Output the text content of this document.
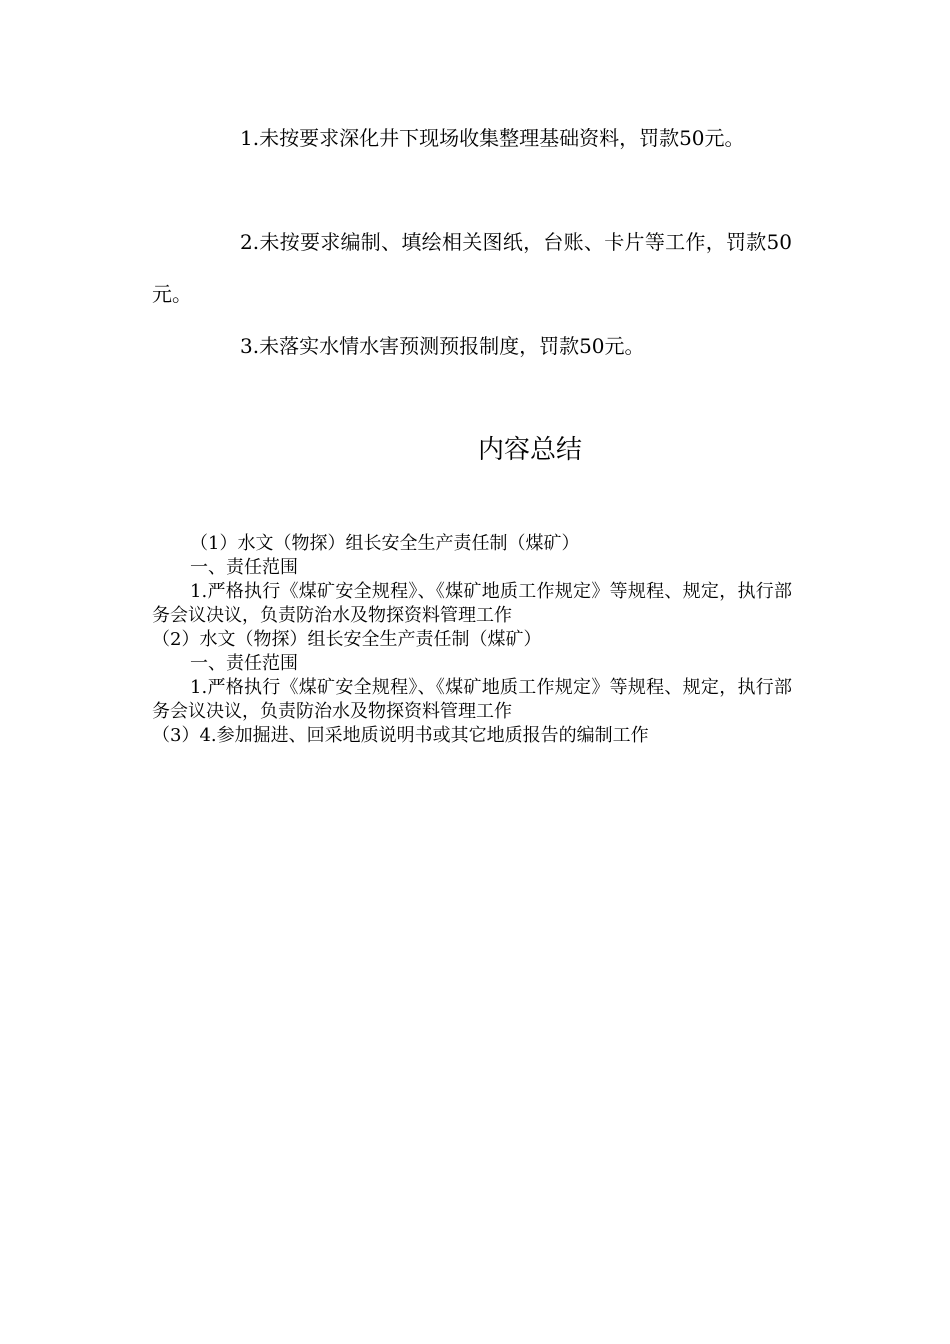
1.未按要求深化井下现场收集整理基础资料，罚款50元。

2.未按要求编制、填绘相关图纸，台账、卡片等工作，罚款50元。

3.未落实水情水害预测预报制度，罚款50元。

内容总结
（1）水文（物探）组长安全生产责任制（煤矿）
一、责任范围
1.严格执行《煤矿安全规程》、《煤矿地质工作规定》等规程、规定，执行部务会议决议，负责防治水及物探资料管理工作
（2）水文（物探）组长安全生产责任制（煤矿）
一、责任范围
1.严格执行《煤矿安全规程》、《煤矿地质工作规定》等规程、规定，执行部务会议决议，负责防治水及物探资料管理工作
（3）4.参加掘进、回采地质说明书或其它地质报告的编制工作
